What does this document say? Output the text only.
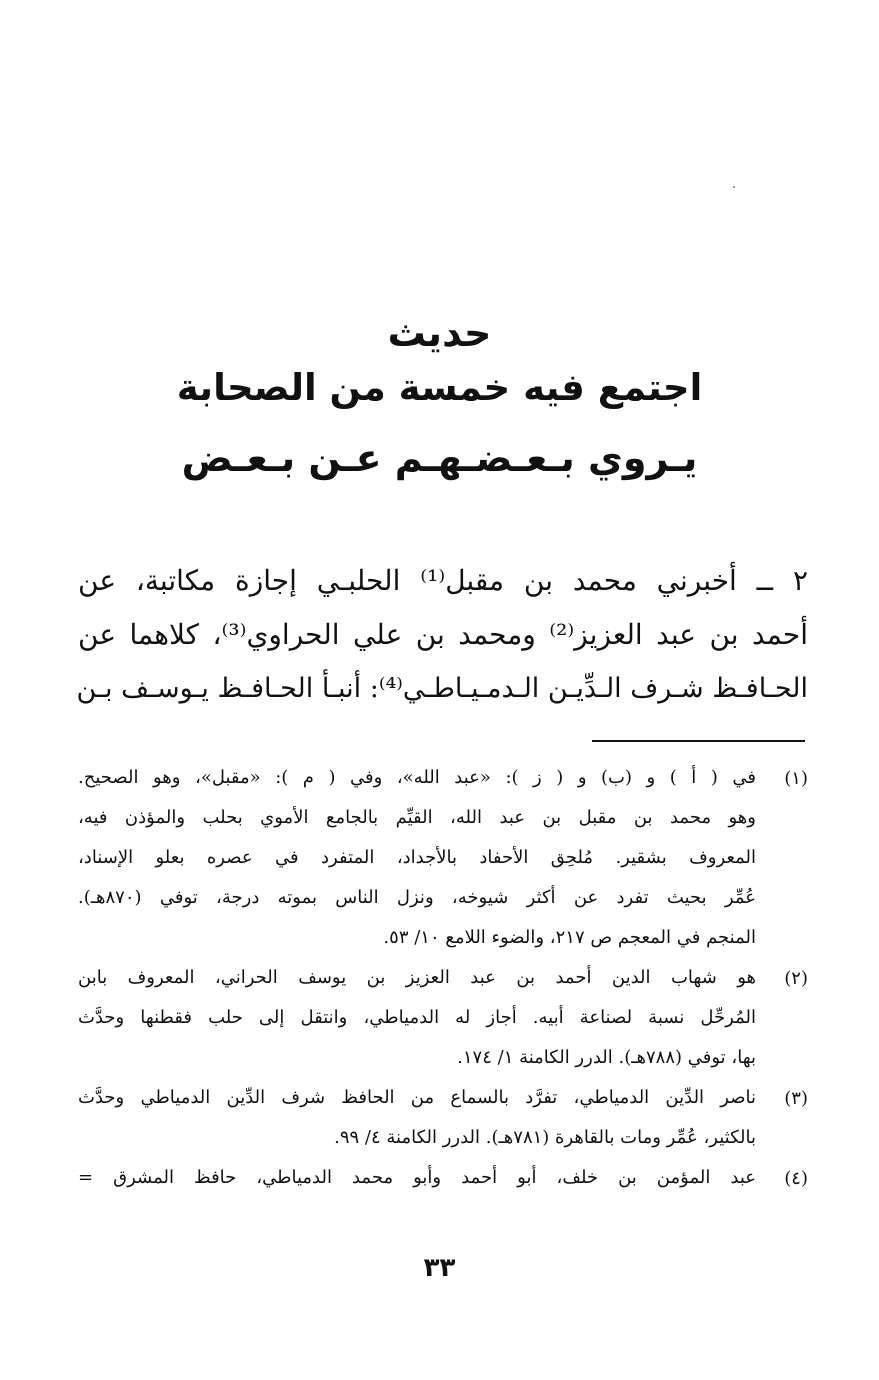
حديث
اجتمع فيه خمسة من الصحابة
يـروي بـعـضـهـم عـن بـعـض
٢ ــ أخبرني محمد بن مقبل⁽¹⁾ الحلبـي إجازة مكاتبة، عن
أحمد بن عبد العزيز⁽²⁾ ومحمد بن علي الحراوي⁽³⁾، كلاهما عن
الحـافـظ شـرف الـدِّيـن الـدمـيـاطـي⁽⁴⁾: أنبـأ الحـافـظ يـوسـف بـن
(١)
في ( أ ) و (ب) و ( ز ): «عبد الله»، وفي ( م ): «مقبل»، وهو الصحيح.
وهو محمد بن مقبل بن عبد الله، القيِّم بالجامع الأموي بحلب والمؤذن فيه،
المعروف بشقير. مُلحِق الأحفاد بالأجداد، المتفرد في عصره بعلو الإسناد،
عُمِّر بحيث تفرد عن أكثر شيوخه، ونزل الناس بموته درجة، توفي (٨٧٠هـ).
المنجم في المعجم ص ٢١٧، والضوء اللامع ١٠/ ٥٣.
(٢)
هو شهاب الدين أحمد بن عبد العزيز بن يوسف الحراني، المعروف بابن
المُرحِّل نسبة لصناعة أبيه. أجاز له الدمياطي، وانتقل إلى حلب فقطنها وحدَّث
بها، توفي (٧٨٨هـ). الدرر الكامنة ١/ ١٧٤.
(٣)
ناصر الدِّين الدمياطي، تفرَّد بالسماع من الحافظ شرف الدِّين الدمياطي وحدَّث
بالكثير، عُمِّر ومات بالقاهرة (٧٨١هـ). الدرر الكامنة ٤/ ٩٩.
(٤)
عبد المؤمن بن خلف، أبو أحمد وأبو محمد الدمياطي، حافظ المشرق =
٣٣
